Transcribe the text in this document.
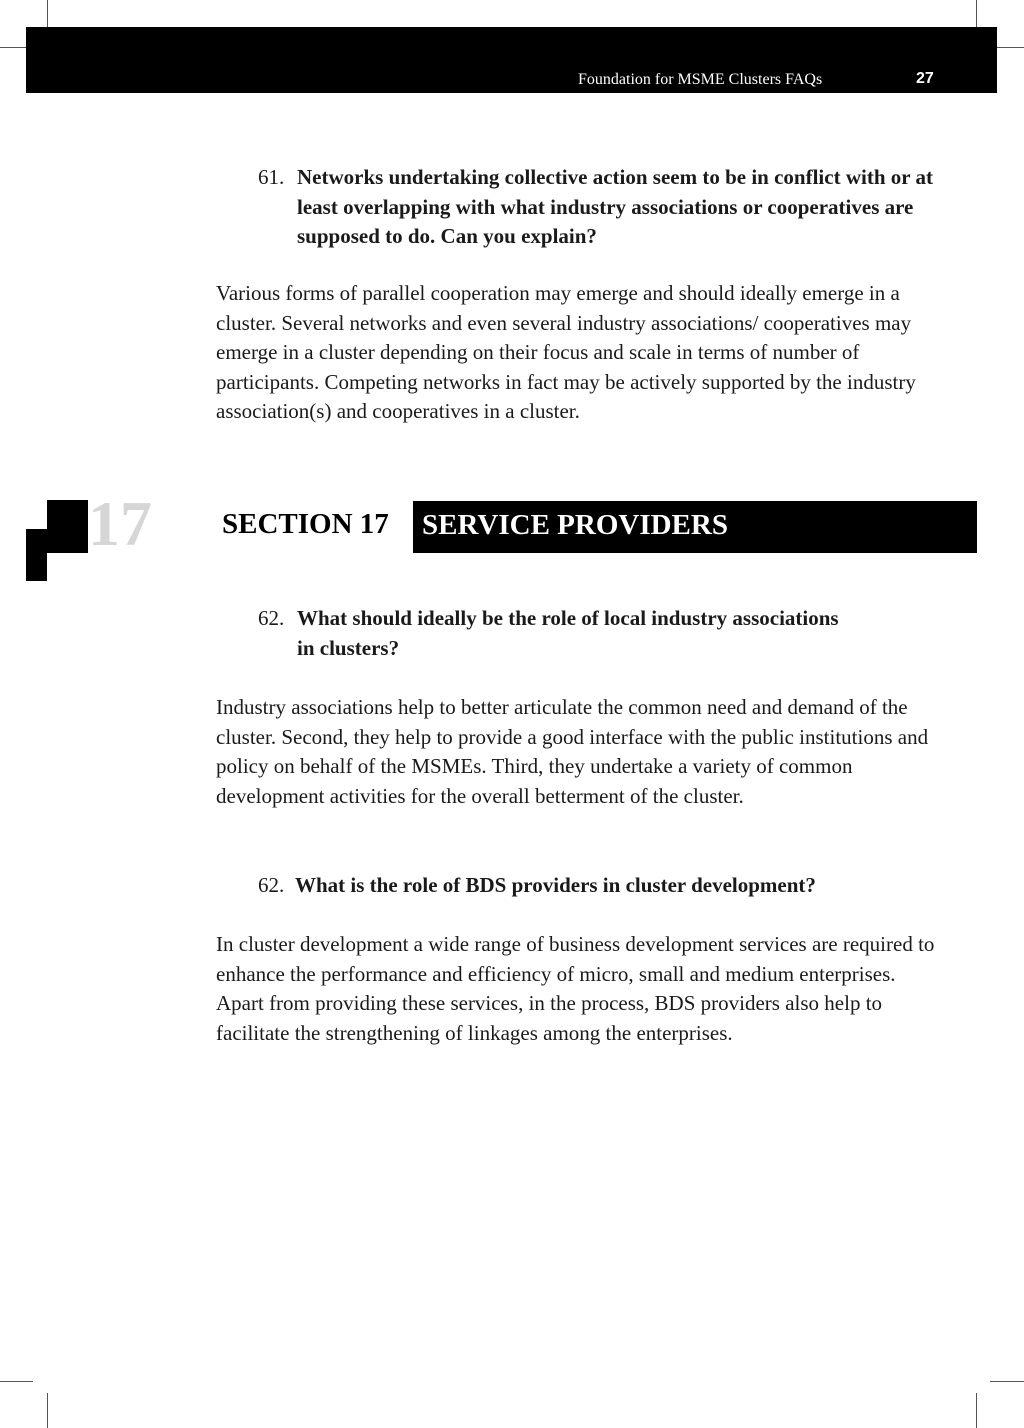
Foundation for MSME Clusters FAQs	27
61. Networks undertaking collective action seem to be in conflict with or at least overlapping with what industry associations or cooperatives are supposed to do. Can you explain?

Various forms of parallel cooperation may emerge and should ideally emerge in a cluster. Several networks and even several industry associations/ cooperatives may emerge in a cluster depending on their focus and scale in terms of number of participants. Competing networks in fact may be actively supported by the industry association(s) and cooperatives in a cluster.

17 SECTION 17 SERVICE PROVIDERS
62. What should ideally be the role of local industry associations in clusters?

Industry associations help to better articulate the common need and demand of the cluster. Second, they help to provide a good interface with the public institutions and policy on behalf of the MSMEs. Third, they undertake a variety of common development activities for the overall betterment of the cluster.

62. What is the role of BDS providers in cluster development?

In cluster development a wide range of business development services are required to enhance the performance and efficiency of micro, small and medium enterprises. Apart from providing these services, in the process, BDS providers also help to facilitate the strengthening of linkages among the enterprises.
